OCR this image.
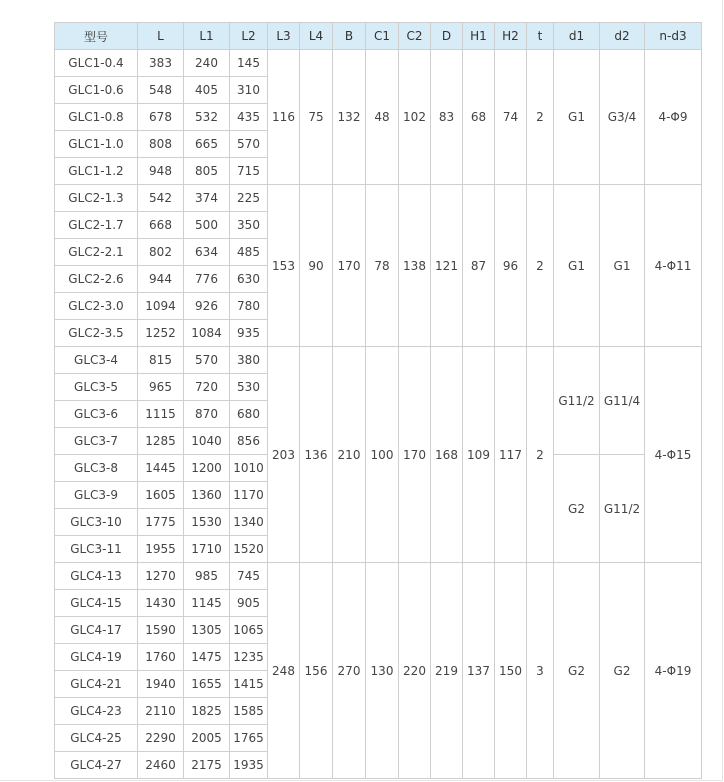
型号	L	L1	L2	L3	L4	B	C1	C2	D	H1	H2	t	d1	d2	n-d3
GLC1-0.4	383	240	145	116	75	132	48	102	83	68	74	2	G1	G3/4	4-Φ9
GLC1-0.6	548	405	310												
GLC1-0.8	678	532	435												
GLC1-1.0	808	665	570												
GLC1-1.2	948	805	715												
GLC2-1.3	542	374	225	153	90	170	78	138	121	87	96	2	G1	G1	4-Φ11
GLC2-1.7	668	500	350												
GLC2-2.1	802	634	485												
GLC2-2.6	944	776	630												
GLC2-3.0	1094	926	780												
GLC2-3.5	1252	1084	935												
GLC3-4	815	570	380	203	136	210	100	170	168	109	117	2	G11/2	G11/4	4-Φ15
GLC3-5	965	720	530												
GLC3-6	1115	870	680												
GLC3-7	1285	1040	856												
GLC3-8	1445	1200	1010										G2	G11/2	
GLC3-9	1605	1360	1170												
GLC3-10	1775	1530	1340												
GLC3-11	1955	1710	1520												
GLC4-13	1270	985	745	248	156	270	130	220	219	137	150	3	G2	G2	4-Φ19
GLC4-15	1430	1145	905												
GLC4-17	1590	1305	1065												
GLC4-19	1760	1475	1235												
GLC4-21	1940	1655	1415												
GLC4-23	2110	1825	1585												
GLC4-25	2290	2005	1765												
GLC4-27	2460	2175	1935												
